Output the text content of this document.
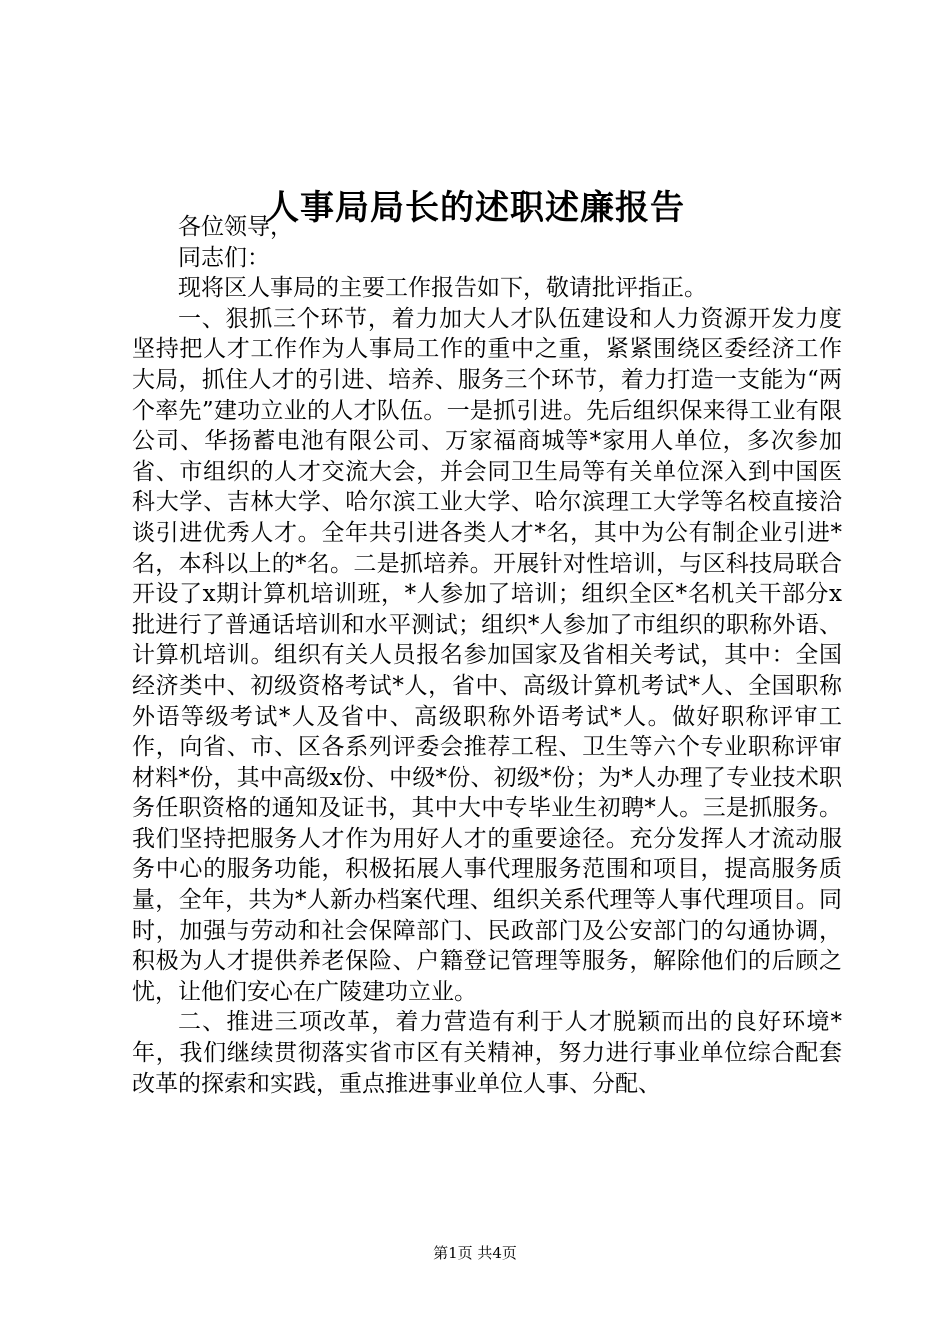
人事局局长的述职述廉报告

各位领导，

同志们：

现将区人事局的主要工作报告如下，敬请批评指正。

一、狠抓三个环节，着力加大人才队伍建设和人力资源开发力度坚持把人才工作作为人事局工作的重中之重，紧紧围绕区委经济工作大局，抓住人才的引进、培养、服务三个环节，着力打造一支能为“两个率先”建功立业的人才队伍。一是抓引进。先后组织保来得工业有限公司、华扬蓄电池有限公司、万家福商城等*家用人单位，多次参加省、市组织的人才交流大会，并会同卫生局等有关单位深入到中国医科大学、吉林大学、哈尔滨工业大学、哈尔滨理工大学等名校直接洽谈引进优秀人才。全年共引进各类人才*名，其中为公有制企业引进*名，本科以上的*名。二是抓培养。开展针对性培训，与区科技局联合开设了x期计算机培训班，*人参加了培训；组织全区*名机关干部分x批进行了普通话培训和水平测试；组织*人参加了市组织的职称外语、计算机培训。组织有关人员报名参加国家及省相关考试，其中：全国经济类中、初级资格考试*人，省中、高级计算机考试*人、全国职称外语等级考试*人及省中、高级职称外语考试*人。做好职称评审工作，向省、市、区各系列评委会推荐工程、卫生等六个专业职称评审材料*份，其中高级x份、中级*份、初级*份；为*人办理了专业技术职务任职资格的通知及证书，其中大中专毕业生初聘*人。三是抓服务。我们坚持把服务人才作为用好人才的重要途径。充分发挥人才流动服务中心的服务功能，积极拓展人事代理服务范围和项目，提高服务质量，全年，共为*人新办档案代理、组织关系代理等人事代理项目。同时，加强与劳动和社会保障部门、民政部门及公安部门的勾通协调，积极为人才提供养老保险、户籍登记管理等服务，解除他们的后顾之忧，让他们安心在广陵建功立业。

二、推进三项改革，着力营造有利于人才脱颖而出的良好环境*年，我们继续贯彻落实省市区有关精神，努力进行事业单位综合配套改革的探索和实践，重点推进事业单位人事、分配、

第1页 共4页
